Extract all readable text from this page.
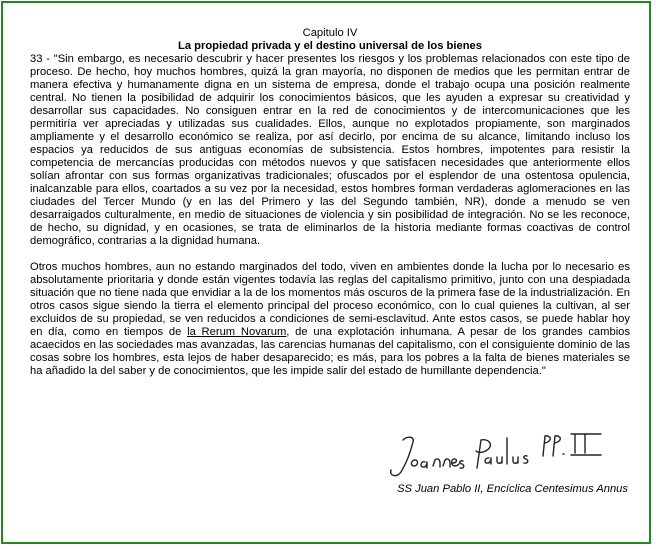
Capitulo IV

La propiedad privada y el destino universal de los bienes

33 - "Sin embargo, es necesario descubrir y hacer presentes los riesgos y los problemas relacionados con este tipo de proceso. De hecho, hoy muchos hombres, quizá la gran mayoría, no disponen de medios que les permitan entrar de manera efectiva y humanamente digna en un sistema de empresa, donde el trabajo ocupa una posición realmente central. No tienen la posibilidad de adquirir los conocimientos básicos, que les ayuden a expresar su creatividad y desarrollar sus capacidades. No consiguen entrar en la red de conocimientos y de intercomunicaciones que les permitiría ver apreciadas y utilizadas sus cualidades. Ellos, aunque no explotados propiamente, son marginados ampliamente y el desarrollo económico se realiza, por así decirlo, por encima de su alcance, limitando incluso los espacios ya reducidos de sus antiguas economías de subsistencia. Estos hombres, impotentes para resistir la competencia de mercancías producidas con métodos nuevos y que satisfacen necesidades que anteriormente ellos solían afrontar con sus formas organizativas tradicionales; ofuscados por el esplendor de una ostentosa opulencia, inalcanzable para ellos, coartados a su vez por la necesidad, estos hombres forman verdaderas aglomeraciones en las ciudades del Tercer Mundo (y en las del Primero y las del Segundo también, NR), donde a menudo se ven desarraigados culturalmente, en medio de situaciones de violencia y sin posibilidad de integración. No se les reconoce, de hecho, su dignidad, y en ocasiones, se trata de eliminarlos de la historia mediante formas coactivas de control demográfico, contrarias a la dignidad humana.

Otros muchos hombres, aun no estando marginados del todo, viven en ambientes donde la lucha por lo necesario es absolutamente prioritaria y donde están vigentes todavía las reglas del capitalismo primitivo, junto con una despiadada situación que no tiene nada que envidiar a la de los momentos más oscuros de la primera fase de la industrialización. En otros casos sigue siendo la tierra el elemento principal del proceso económico, con lo cual quienes la cultivan, al ser excluidos de su propiedad, se ven reducidos a condiciones de semi-esclavitud. Ante estos casos, se puede hablar hoy en día, como en tiempos de la Rerum Novarum, de una explotación inhumana. A pesar de los grandes cambios acaecidos en las sociedades mas avanzadas, las carencias humanas del capitalismo, con el consiguiente dominio de las cosas sobre los hombres, esta lejos de haber desaparecido; es más, para los pobres a la falta de bienes materiales se ha añadido la del saber y de conocimientos, que les impide salir del estado de humillante dependencia."

SS Juan Pablo II, Encíclica Centesimus Annus
